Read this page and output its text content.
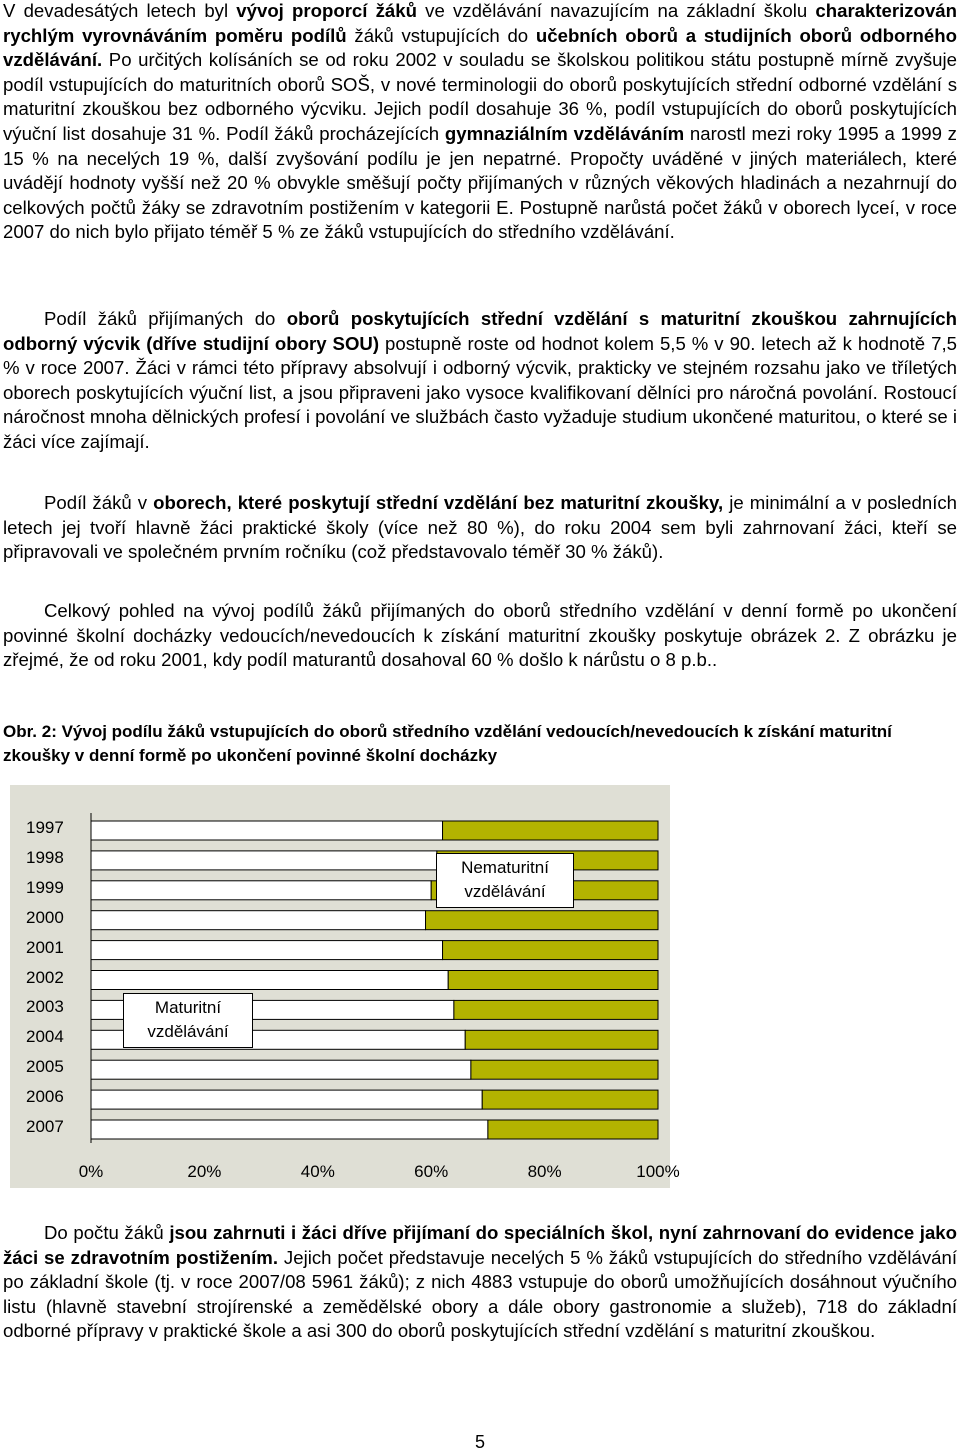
V devadesátých letech byl vývoj proporcí žáků ve vzdělávání navazujícím na základní školu charakterizován rychlým vyrovnáváním poměru podílů žáků vstupujících do učebních oborů a studijních oborů odborného vzdělávání. Po určitých kolísáních se od roku 2002 v souladu se školskou politikou státu postupně mírně zvyšuje podíl vstupujících do maturitních oborů SOŠ, v nové terminologii do oborů poskytujících střední odborné vzdělání s maturitní zkouškou bez odborného výcviku. Jejich podíl dosahuje 36 %, podíl vstupujících do oborů poskytujících výuční list dosahuje 31 %. Podíl žáků procházejících gymnaziálním vzděláváním narostl mezi roky 1995 a 1999 z 15 % na necelých 19 %, další zvyšování podílu je jen nepatrné. Propočty uváděné v jiných materiálech, které uvádějí hodnoty vyšší než 20 % obvykle směšují počty přijímaných v různých věkových hladinách a nezahrnují do celkových počtů žáky se zdravotním postižením v kategorii E. Postupně narůstá počet žáků v oborech lyceí, v roce 2007 do nich bylo přijato téměř 5 % ze žáků vstupujících do středního vzdělávání.

Podíl žáků přijímaných do oborů poskytujících střední vzdělání s maturitní zkouškou zahrnujících odborný výcvik (dříve studijní obory SOU) postupně roste od hodnot kolem 5,5 % v 90. letech až k hodnotě 7,5 % v roce 2007. Žáci v rámci této přípravy absolvují i odborný výcvik, prakticky ve stejném rozsahu jako ve tříletých oborech poskytujících výuční list, a jsou připraveni jako vysoce kvalifikovaní dělníci pro náročná povolání. Rostoucí náročnost mnoha dělnických profesí i povolání ve službách často vyžaduje studium ukončené maturitou, o které se i žáci více zajímají.

Podíl žáků v oborech, které poskytují střední vzdělání bez maturitní zkoušky, je minimální a v posledních letech jej tvoří hlavně žáci praktické školy (více než 80 %), do roku 2004 sem byli zahrnovaní žáci, kteří se připravovali ve společném prvním ročníku (což představovalo téměř 30 % žáků).

Celkový pohled na vývoj podílů žáků přijímaných do oborů středního vzdělání v denní formě po ukončení povinné školní docházky vedoucích/nevedoucích k získání maturitní zkoušky poskytuje obrázek 2. Z obrázku je zřejmé, že od roku 2001, kdy podíl maturantů dosahoval 60 % došlo k nárůstu o 8 p.b..

Obr. 2: Vývoj podílu žáků vstupujících do oborů středního vzdělání vedoucích/nevedoucích k získání maturitní zkoušky v denní formě po ukončení povinné školní docházky

1997
1998
1999
2000
2001
2002
2003
2004
2005
2006
2007
0%	20%	40%	60%	80%	100%
Nematuritní vzdělávání
Maturitní vzdělávání

Do počtu žáků jsou zahrnuti i žáci dříve přijímaní do speciálních škol, nyní zahrnovaní do evidence jako žáci se zdravotním postižením. Jejich počet představuje necelých 5 % žáků vstupujících do středního vzdělávání po základní škole (tj. v roce 2007/08 5961 žáků); z nich 4883 vstupuje do oborů umožňujících dosáhnout výučního listu (hlavně stavební strojírenské a zemědělské obory a dále obory gastronomie a služeb), 718 do základní odborné přípravy v praktické škole a asi 300 do oborů poskytujících střední vzdělání s maturitní zkouškou.

5
